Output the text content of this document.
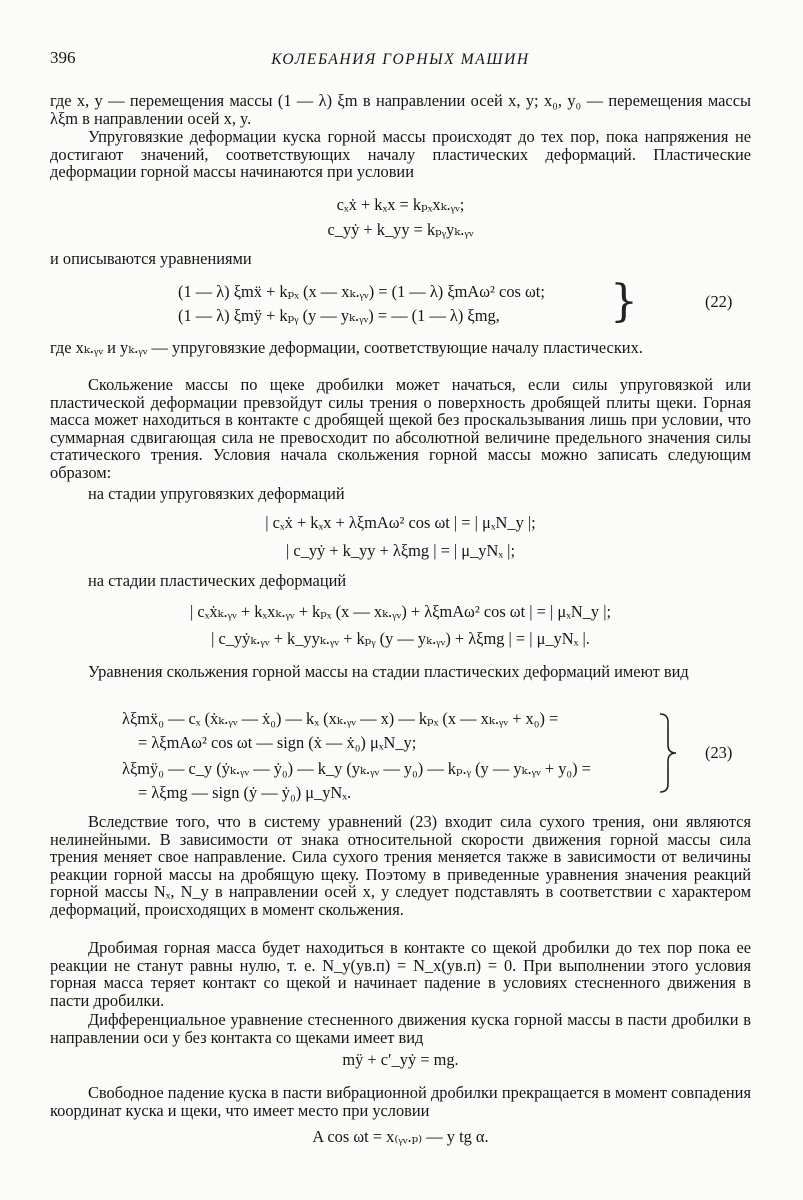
396	КОЛЕБАНИЯ ГОРНЫХ МАШИН

где x, y — перемещения массы (1 — λ) ξm в направлении осей x, y; x₀, y₀ — перемещения массы λξm в направлении осей x, y.

Упруговязкие деформации куска горной массы происходят до тех пор, пока напряжения не достигают значений, соответствующих началу пластических деформаций. Пластические деформации горной массы начинаются при условии

cₓẋ + kₓx = kₚₓxₖ.ᵧᵥ;
c_yẏ + k_yy = kₚᵧyₖ.ᵧᵥ

и описываются уравнениями

(1 — λ) ξmẍ + kₚₓ (x — xₖ.ᵧᵥ) = (1 — λ) ξmAω² cos ωt;
(1 — λ) ξmÿ + kₚᵧ (y — yₖ.ᵧᵥ) = — (1 — λ) ξmg,	}	(22)

где xₖ.ᵧᵥ и yₖ.ᵧᵥ — упруговязкие деформации, соответствующие началу пластических.

Скольжение массы по щеке дробилки может начаться, если силы упруговязкой или пластической деформации превзойдут силы трения о поверхность дробящей плиты щеки. Горная масса может находиться в контакте с дробящей щекой без проскальзывания лишь при условии, что суммарная сдвигающая сила не превосходит по абсолютной величине предельного значения силы статического трения. Условия начала скольжения горной массы можно записать следующим образом:

на стадии упруговязких деформаций

| cₓẋ + kₓx + λξmAω² cos ωt | = | μₓN_y |;
| c_yẏ + k_yy + λξmg | = | μ_yNₓ |;

на стадии пластических деформаций

| cₓẋₖ.ᵧᵥ + kₓxₖ.ᵧᵥ + kₚₓ (x — xₖ.ᵧᵥ) + λξmAω² cos ωt | = | μₓN_y |;
| c_yẏₖ.ᵧᵥ + k_yyₖ.ᵧᵥ + kₚᵧ (y — yₖ.ᵧᵥ) + λξmg | = | μ_yNₓ |.

Уравнения скольжения горной массы на стадии пластических деформаций имеют вид

λξmẍ₀ — cₓ (ẋₖ.ᵧᵥ — ẋ₀) — kₓ (xₖ.ᵧᵥ — x) — kₚₓ (x — xₖ.ᵧᵥ + x₀) =
= λξmAω² cos ωt — sign (ẋ — ẋ₀) μₓN_y;
λξmÿ₀ — c_y (ẏₖ.ᵧᵥ — ẏ₀) — k_y (yₖ.ᵧᵥ — y₀) — kₚ.ᵧ (y — yₖ.ᵧᵥ + y₀) =
= λξmg — sign (ẏ — ẏ₀) μ_yNₓ.
(23)

Вследствие того, что в систему уравнений (23) входит сила сухого трения, они являются нелинейными. В зависимости от знака относительной скорости движения горной массы сила трения меняет свое направление. Сила сухого трения меняется также в зависимости от величины реакции горной массы на дробящую щеку. Поэтому в приведенные уравнения значения реакций горной массы Nₓ, N_y в направлении осей x, y следует подставлять в соответствии с характером деформаций, происходящих в момент скольжения.

Дробимая горная масса будет находиться в контакте со щекой дробилки до тех пор пока ее реакции не станут равны нулю, т. е. N_y(ув.п) = N_x(ув.п) = 0. При выполнении этого условия горная масса теряет контакт со щекой и начинает падение в условиях стесненного движения в пасти дробилки.

Дифференциальное уравнение стесненного движения куска горной массы в пасти дробилки в направлении оси y без контакта со щеками имеет вид

mÿ + c′_yẏ = mg.

Свободное падение куска в пасти вибрационной дробилки прекращается в момент совпадения координат куска и щеки, что имеет место при условии

A cos ωt = x₍ᵧᵥ.ₚ₎ — y tg α.
